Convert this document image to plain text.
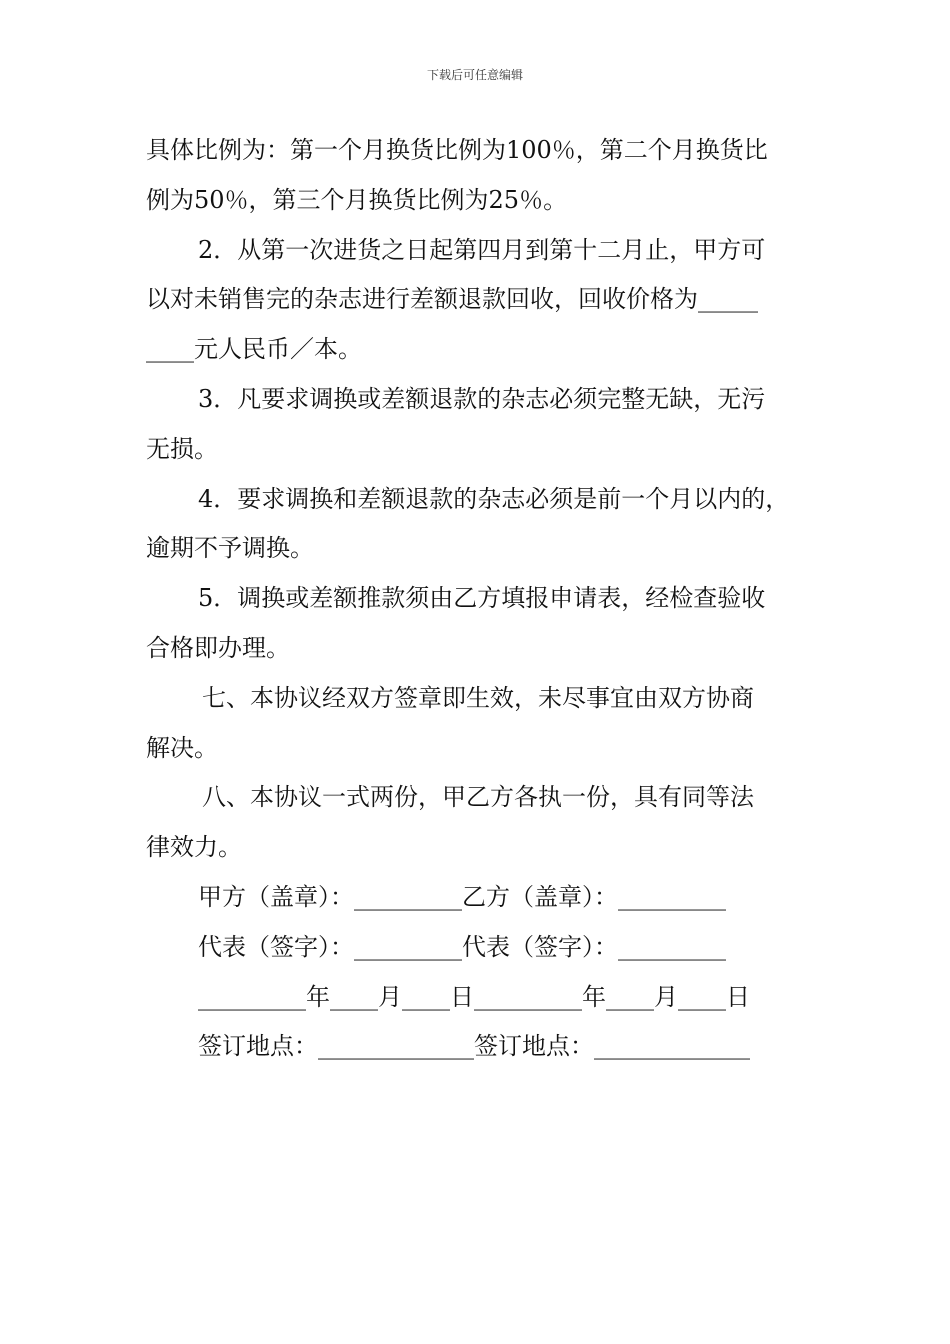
下载后可任意编辑
具体比例为：第一个月换货比例为100％，第二个月换货比
例为50％，第三个月换货比例为25％。
2．从第一次进货之日起第四月到第十二月止，甲方可
以对未销售完的杂志进行差额退款回收，回收价格为_____
____元人民币／本。
3．凡要求调换或差额退款的杂志必须完整无缺，无污
无损。
4．要求调换和差额退款的杂志必须是前一个月以内的，
逾期不予调换。
5．调换或差额推款须由乙方填报申请表，经检查验收
合格即办理。
七、本协议经双方签章即生效，未尽事宜由双方协商
解决。
八、本协议一式两份，甲乙方各执一份，具有同等法
律效力。
甲方（盖章）：_________乙方（盖章）：_________
代表（签字）：_________代表（签字）：_________
_________年____月____日_________年____月____日
签订地点：_____________签订地点：_____________
